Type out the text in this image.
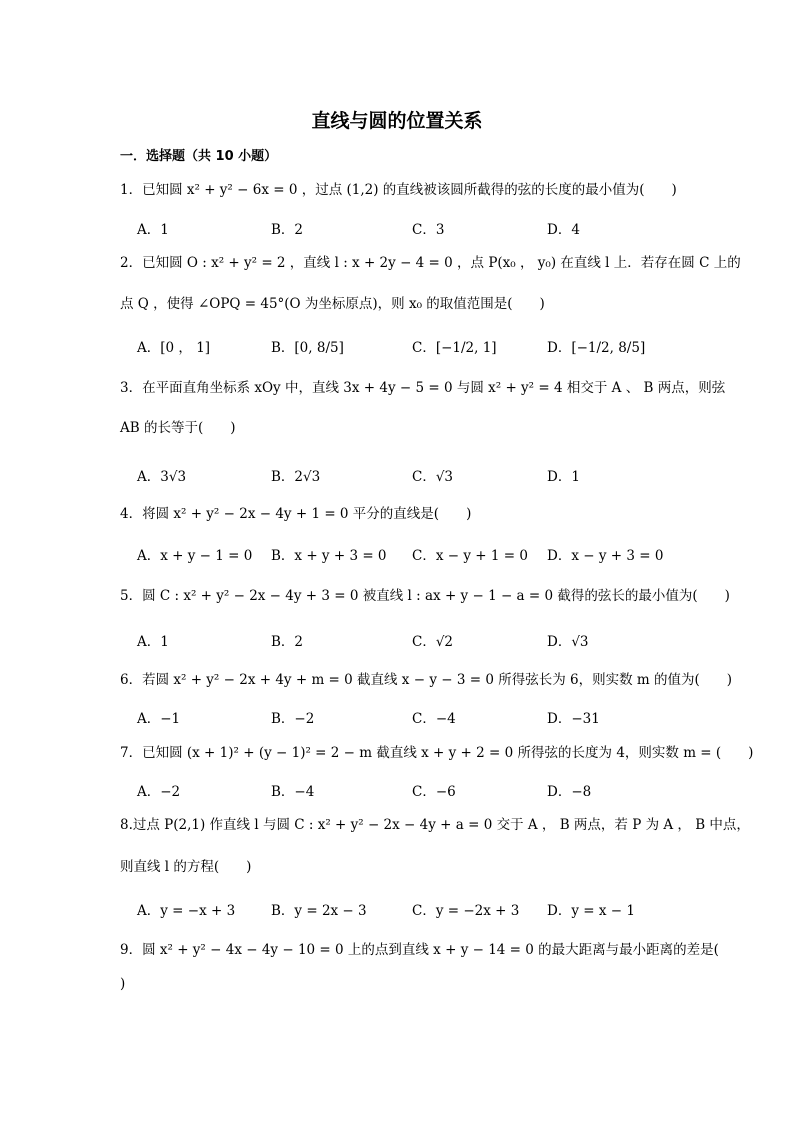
直线与圆的位置关系
一．选择题（共 10 小题）
1．已知圆 x² + y² − 6x = 0 ，过点 (1,2) 的直线被该圆所截得的弦的长度的最小值为(　　)
A．1	B．2	C．3	D．4
2．已知圆 O : x² + y² = 2 ，直线 l : x + 2y − 4 = 0 ，点 P(x₀ ， y₀) 在直线 l 上．若存在圆 C 上的
点 Q ，使得 ∠OPQ = 45°(O 为坐标原点)，则 x₀ 的取值范围是(　　)
A．[0 ， 1]	B．[0, 8/5]	C．[−1/2, 1]	D．[−1/2, 8/5]
3．在平面直角坐标系 xOy 中，直线 3x + 4y − 5 = 0 与圆 x² + y² = 4 相交于 A 、 B 两点，则弦
AB 的长等于(　　)
A．3√3	B．2√3	C．√3	D．1
4．将圆 x² + y² − 2x − 4y + 1 = 0 平分的直线是(　　)
A．x + y − 1 = 0 B．x + y + 3 = 0 C．x − y + 1 = 0 D．x − y + 3 = 0
5．圆 C : x² + y² − 2x − 4y + 3 = 0 被直线 l : ax + y − 1 − a = 0 截得的弦长的最小值为(　　)
A．1	B．2	C．√2	D．√3
6．若圆 x² + y² − 2x + 4y + m = 0 截直线 x − y − 3 = 0 所得弦长为 6，则实数 m 的值为(　　)
A．−1	B．−2	C．−4	D．−31
7．已知圆 (x + 1)² + (y − 1)² = 2 − m 截直线 x + y + 2 = 0 所得弦的长度为 4，则实数 m = (　　)
A．−2	B．−4	C．−6	D．−8
8.过点 P(2,1) 作直线 l 与圆 C : x² + y² − 2x − 4y + a = 0 交于 A ， B 两点，若 P 为 A ， B 中点，
则直线 l 的方程(　　)
A．y = −x + 3	B．y = 2x − 3	C．y = −2x + 3 D．y = x − 1
9．圆 x² + y² − 4x − 4y − 10 = 0 上的点到直线 x + y − 14 = 0 的最大距离与最小距离的差是(
)
